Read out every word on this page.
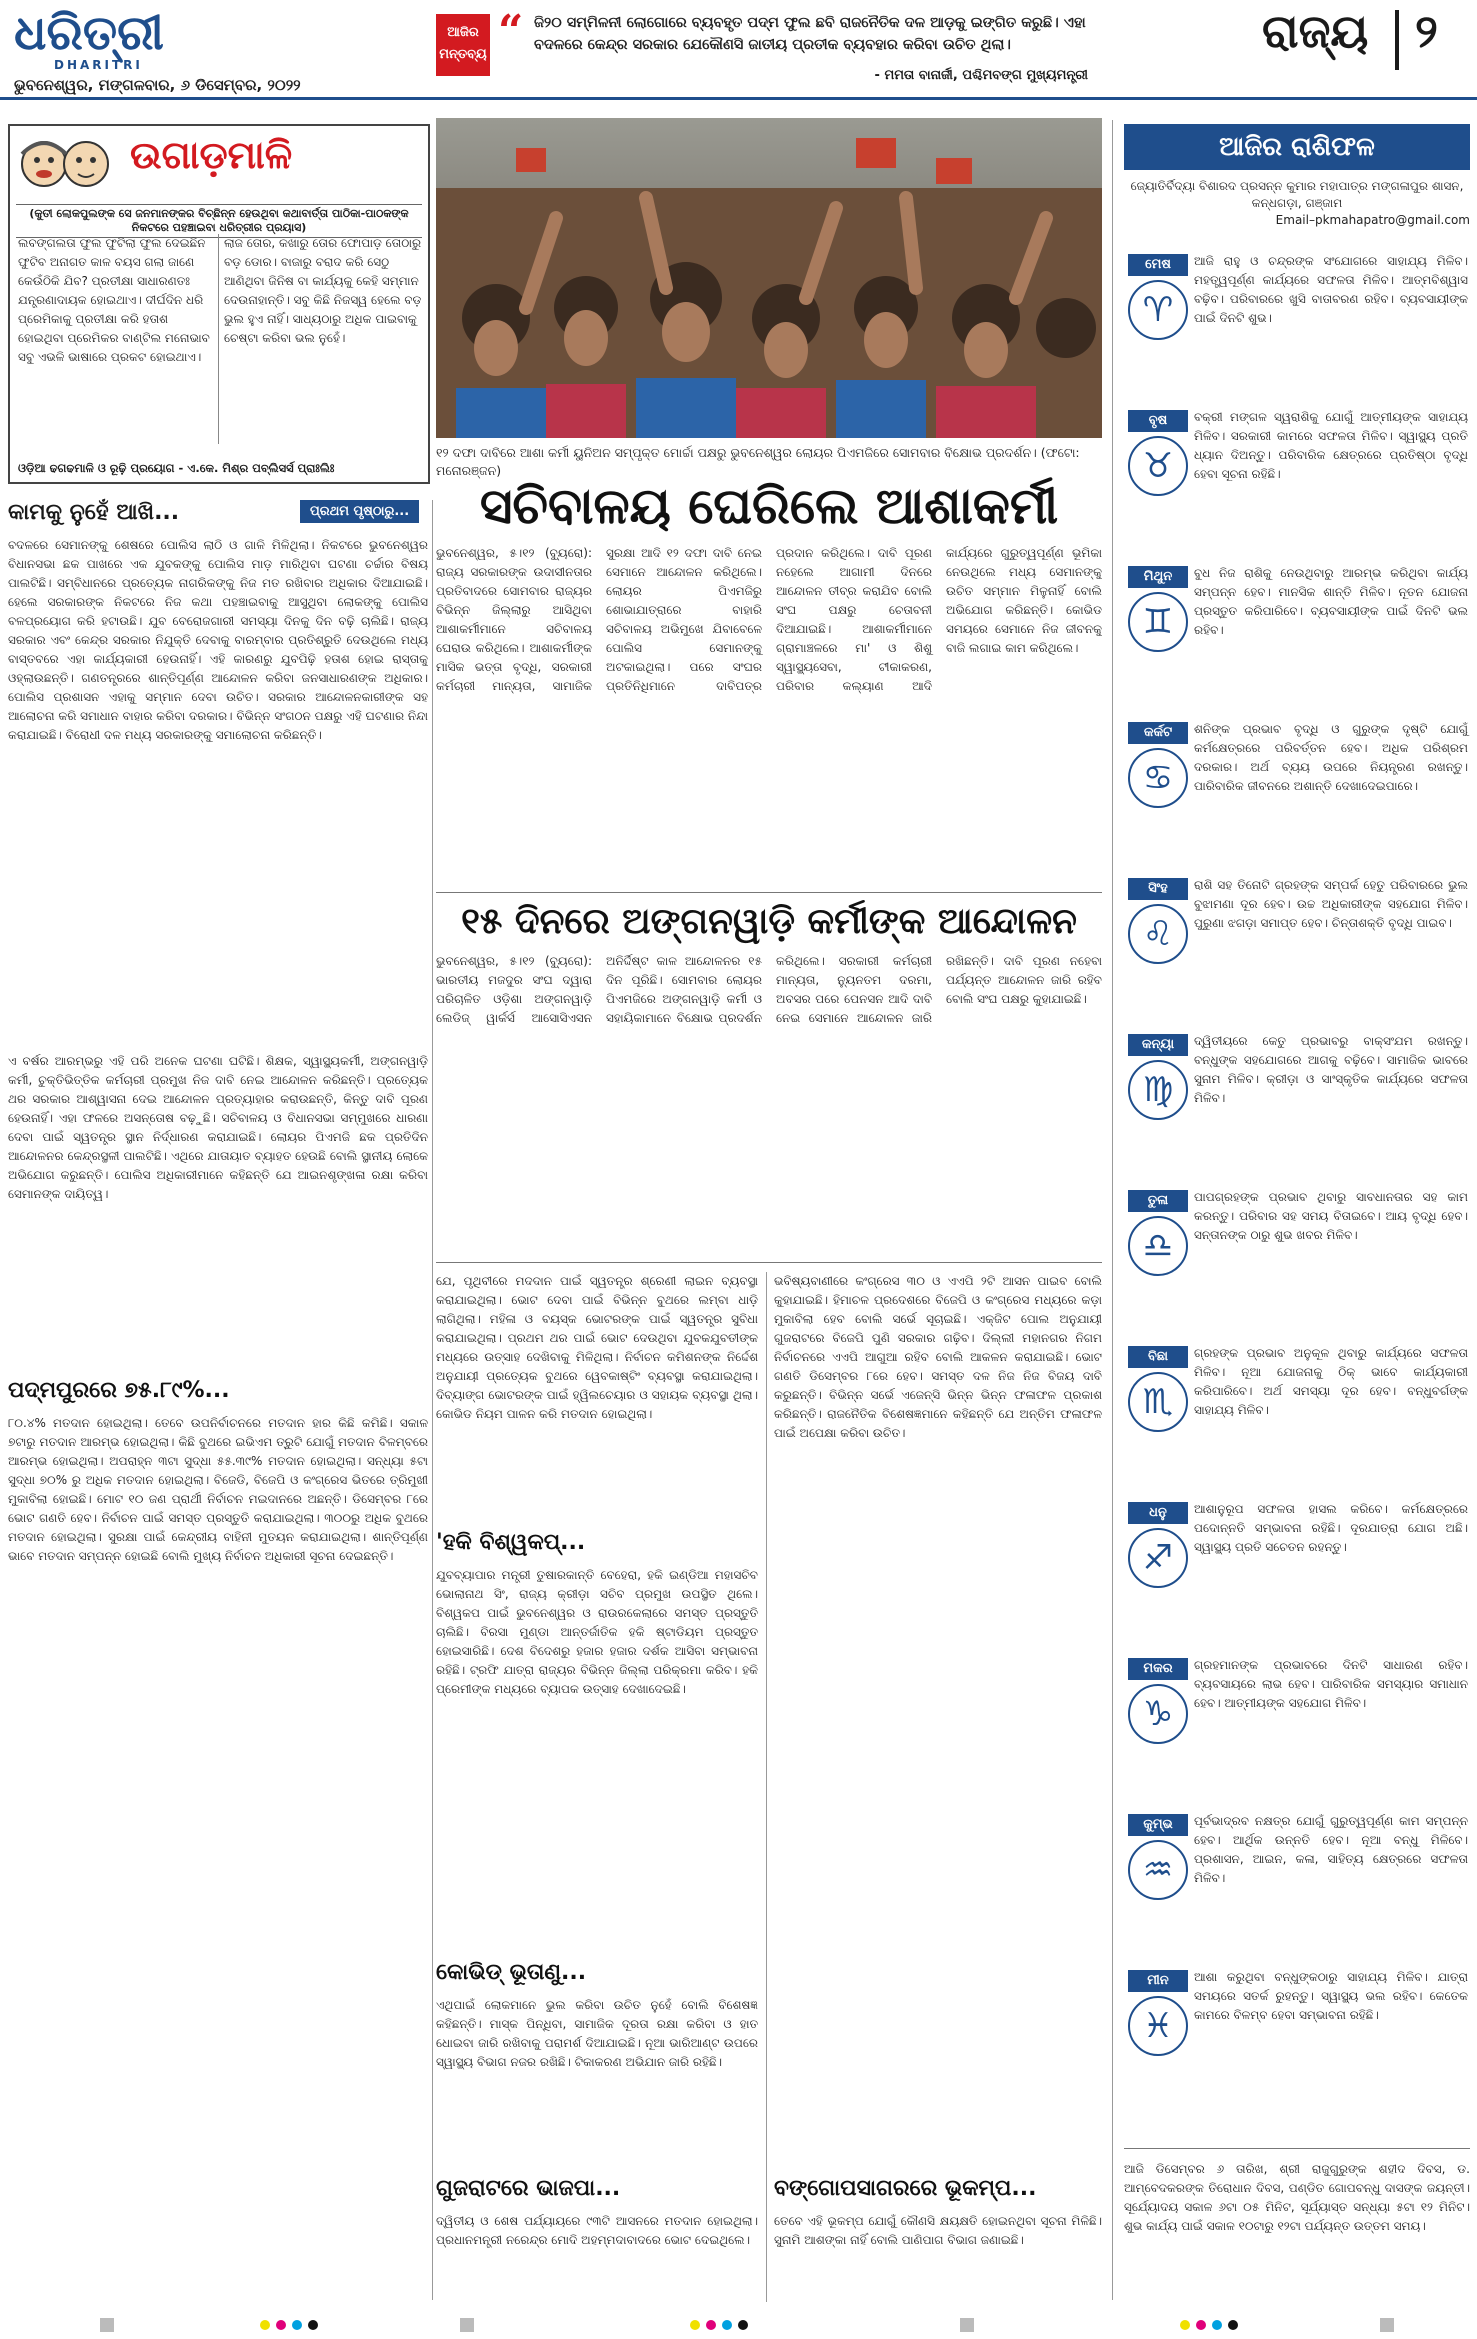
ଧରିତ୍ରୀ
DHARITRI
ଭୁବନେଶ୍ୱର, ମଙ୍ଗଳବାର, ୬ ଡିସେମ୍ବର, ୨୦୨୨
ଆଜିର
ମନ୍ତବ୍ୟ “ ଜି୨୦ ସମ୍ମିଳନୀ ଲୋଗୋରେ ବ୍ୟବହୃତ ପଦ୍ମ ଫୁଲ ଛବି ରାଜନୈତିକ ଦଳ ଆଡ଼କୁ ଇଙ୍ଗିତ କରୁଛି। ଏହା ବଦଳରେ କେନ୍ଦ୍ର ସରକାର ଯେକୌଣସି ଜାତୀୟ ପ୍ରତୀକ ବ୍ୟବହାର କରିବା ଉଚିତ ଥିଲା।
- ମମତା ବାନାର୍ଜୀ, ପଶ୍ଚିମବଙ୍ଗ ମୁଖ୍ୟମନ୍ତ୍ରୀ
ରାଜ୍ୟ ୨
ଉଗାଡ଼ମାଳି
(କୁତୀ ଲୋକପୁଲଙ୍କ ସେ ଜନମାନଙ୍କର ବିଚ୍ଛିନ୍ନ ହେଉଥିବା କଥାବାର୍ତ୍ତା ପାଠିକା-ପାଠକଙ୍କ ନିକଟରେ ପହଞ୍ଚାଇବା ଧରିତ୍ରୀର ପ୍ରୟାସ)
ଲବଙ୍ଗଲତା ଫୁଲ ଫୁଟିଲା ଫୁଲ ଦେଇଛିନ ଫୁଟିବ ଅନାଗତ କାଳ ବୟସ ଗଲା ଜାଣେ କେଉଁଠିକି ଯିବ? ପ୍ରତୀକ୍ଷା ସାଧାରଣତଃ ଯନ୍ତ୍ରଣାଦାୟକ ହୋଇଥାଏ। ଦୀର୍ଘଦିନ ଧରି ପ୍ରେମିକାକୁ ପ୍ରତୀକ୍ଷା କରି ହତାଶ ହୋଇଥିବା ପ୍ରେମିକର ବାଣ୍ଟିଲ ମନୋଭାବ ସବୁ ଏଭଳି ଭାଷାରେ ପ୍ରକଟ ହୋଇଥାଏ।
ଲାଜ ତୋର, କଖାରୁ ତୋର ଫୋପାଡ଼ ତୋଠାରୁ ବଡ଼ ଡୋର। ବାଜାରୁ ବରାଦ କରି ସେଠୁ ଆଣିଥିବା ଜିନିଷ ବା କାର୍ଯ୍ୟକୁ କେହି ସମ୍ମାନ ଦେଉନାହାନ୍ତି। ସବୁ କିଛି ନିଜସ୍ୱ ହେଲେ ବଡ଼ ଭୁଲ ହୁଏ ନାହିଁ। ସାଧ୍ୟଠାରୁ ଅଧିକ ପାଇବାକୁ ଚେଷ୍ଟା କରିବା ଭଲ ନୁହେଁ।
ଓଡ଼ିଆ ଢଗଢମାଳି ଓ ରୂଢ଼ି ପ୍ରୟୋଗ - ଏ.କେ. ମିଶ୍ର ପବ୍ଲିସର୍ସ ପ୍ରାଃଲିଃ
୧୨ ଦଫା ଦାବିରେ ଆଶା କର୍ମୀ ୟୁନିଅନ ସମ୍ପୃକ୍ତ ମୋର୍ଚ୍ଚା ପକ୍ଷରୁ ଭୁବନେଶ୍ୱର ଲୋୟର ପିଏମଜିରେ ସୋମବାର ବିକ୍ଷୋଭ ପ୍ରଦର୍ଶନ। (ଫଟୋ: ମନୋରଞ୍ଜନ)
ସଚିବାଳୟ ଘେରିଲେ ଆଶାକର୍ମୀ
ଭୁବନେଶ୍ୱର, ୫।୧୨ (ବ୍ୟୁରୋ): ରାଜ୍ୟ ସରକାରଙ୍କ ଉଦାସୀନତାର ପ୍ରତିବାଦରେ ସୋମବାର ରାଜ୍ୟର ବିଭିନ୍ନ ଜିଲ୍ଲାରୁ ଆସିଥିବା ଆଶାକର୍ମୀମାନେ ସଚିବାଳୟ ଘେରାଉ କରିଥିଲେ। ଆଶାକର୍ମୀଙ୍କ ମାସିକ ଭତ୍ତା ବୃଦ୍ଧି, ସରକାରୀ କର୍ମଚାରୀ ମାନ୍ୟତା, ସାମାଜିକ ସୁରକ୍ଷା ଆଦି ୧୨ ଦଫା ଦାବି ନେଇ ସେମାନେ ଆନ୍ଦୋଳନ କରିଥିଲେ। ଲୋୟର ପିଏମଜିରୁ ଶୋଭାଯାତ୍ରାରେ ବାହାରି ସଚିବାଳୟ ଅଭିମୁଖେ ଯିବାବେଳେ ପୋଲିସ ସେମାନଙ୍କୁ ଅଟକାଇଥିଲା। ପରେ ସଂଘର ପ୍ରତିନିଧିମାନେ ଦାବିପତ୍ର ପ୍ରଦାନ କରିଥିଲେ। ଦାବି ପୂରଣ ନହେଲେ ଆଗାମୀ ଦିନରେ ଆନ୍ଦୋଳନ ତୀବ୍ର କରାଯିବ ବୋଲି ସଂଘ ପକ୍ଷରୁ ଚେତାବନୀ ଦିଆଯାଇଛି। ଆଶାକର୍ମୀମାନେ ଗ୍ରାମାଞ୍ଚଳରେ ମା' ଓ ଶିଶୁ ସ୍ୱାସ୍ଥ୍ୟସେବା, ଟୀକାକରଣ, ପରିବାର କଲ୍ୟାଣ ଆଦି କାର୍ଯ୍ୟରେ ଗୁରୁତ୍ୱପୂର୍ଣ୍ଣ ଭୂମିକା ନେଉଥିଲେ ମଧ୍ୟ ସେମାନଙ୍କୁ ଉଚିତ ସମ୍ମାନ ମିଳୁନାହିଁ ବୋଲି ଅଭିଯୋଗ କରିଛନ୍ତି। କୋଭିଡ ସମୟରେ ସେମାନେ ନିଜ ଜୀବନକୁ ବାଜି ଲଗାଇ କାମ କରିଥିଲେ।
୧୫ ଦିନରେ ଅଙ୍ଗନୱାଡ଼ି କର୍ମୀଙ୍କ ଆନ୍ଦୋଳନ
ଭୁବନେଶ୍ୱର, ୫।୧୨ (ବ୍ୟୁରୋ): ଭାରତୀୟ ମଜଦୁର ସଂଘ ଦ୍ୱାରା ପରିଚାଳିତ ଓଡ଼ିଶା ଅଙ୍ଗନୱାଡ଼ି ଲେଡିଜ୍ ୱାର୍କର୍ସ ଆସୋସିଏସନ ଅନିର୍ଦ୍ଦିଷ୍ଟ କାଳ ଆନ୍ଦୋଳନର ୧୫ ଦିନ ପୂରିଛି। ସୋମବାର ଲୋୟର ପିଏମଜିରେ ଅଙ୍ଗନୱାଡ଼ି କର୍ମୀ ଓ ସହାୟିକାମାନେ ବିକ୍ଷୋଭ ପ୍ରଦର୍ଶନ କରିଥିଲେ। ସରକାରୀ କର୍ମଚାରୀ ମାନ୍ୟତା, ନ୍ୟୁନତମ ଦରମା, ଅବସର ପରେ ପେନସନ ଆଦି ଦାବି ନେଇ ସେମାନେ ଆନ୍ଦୋଳନ ଜାରି ରଖିଛନ୍ତି। ଦାବି ପୂରଣ ନହେବା ପର୍ଯ୍ୟନ୍ତ ଆନ୍ଦୋଳନ ଜାରି ରହିବ ବୋଲି ସଂଘ ପକ୍ଷରୁ କୁହାଯାଇଛି।
କାମକୁ ନୁହେଁ ଆଖି...	ପ୍ରଥମ ପୃଷ୍ଠାରୁ...
ବଦଳରେ ସେମାନଙ୍କୁ ଶେଷରେ ପୋଲିସ ଲାଠି ଓ ଗାଳି ମିଳିଥିଲା। ନିକଟରେ ଭୁବନେଶ୍ୱର ବିଧାନସଭା ଛକ ପାଖରେ ଏକ ଯୁବକଙ୍କୁ ପୋଲିସ ମାଡ଼ ମାରିଥିବା ଘଟଣା ଚର୍ଚ୍ଚାର ବିଷୟ ପାଲଟିଛି। ସମ୍ବିଧାନରେ ପ୍ରତ୍ୟେକ ନାଗରିକଙ୍କୁ ନିଜ ମତ ରଖିବାର ଅଧିକାର ଦିଆଯାଇଛି। ହେଲେ ସରକାରଙ୍କ ନିକଟରେ ନିଜ କଥା ପହଞ୍ଚାଇବାକୁ ଆସୁଥିବା ଲୋକଙ୍କୁ ପୋଲିସ ବଳପ୍ରୟୋଗ କରି ହଟାଉଛି। ଯୁବ ବେରୋଜଗାରୀ ସମସ୍ୟା ଦିନକୁ ଦିନ ବଢ଼ି ଚାଲିଛି। ରାଜ୍ୟ ସରକାର ଏବଂ କେନ୍ଦ୍ର ସରକାର ନିଯୁକ୍ତି ଦେବାକୁ ବାରମ୍ବାର ପ୍ରତିଶ୍ରୁତି ଦେଉଥିଲେ ମଧ୍ୟ ବାସ୍ତବରେ ଏହା କାର୍ଯ୍ୟକାରୀ ହେଉନାହିଁ। ଏହି କାରଣରୁ ଯୁବପିଢ଼ି ହତାଶ ହୋଇ ରାସ୍ତାକୁ ଓହ୍ଲାଉଛନ୍ତି। ଗଣତନ୍ତ୍ରରେ ଶାନ୍ତିପୂର୍ଣ୍ଣ ଆନ୍ଦୋଳନ କରିବା ଜନସାଧାରଣଙ୍କ ଅଧିକାର। ପୋଲିସ ପ୍ରଶାସନ ଏହାକୁ ସମ୍ମାନ ଦେବା ଉଚିତ। ସରକାର ଆନ୍ଦୋଳନକାରୀଙ୍କ ସହ ଆଲୋଚନା କରି ସମାଧାନ ବାହାର କରିବା ଦରକାର। ବିଭିନ୍ନ ସଂଗଠନ ପକ୍ଷରୁ ଏହି ଘଟଣାର ନିନ୍ଦା କରାଯାଇଛି। ବିରୋଧୀ ଦଳ ମଧ୍ୟ ସରକାରଙ୍କୁ ସମାଲୋଚନା କରିଛନ୍ତି।
ଏ ବର୍ଷର ଆରମ୍ଭରୁ ଏହି ପରି ଅନେକ ଘଟଣା ଘଟିଛି। ଶିକ୍ଷକ, ସ୍ୱାସ୍ଥ୍ୟକର୍ମୀ, ଅଙ୍ଗନୱାଡ଼ି କର୍ମୀ, ଚୁକ୍ତିଭିତ୍ତିକ କର୍ମଚାରୀ ପ୍ରମୁଖ ନିଜ ଦାବି ନେଇ ଆନ୍ଦୋଳନ କରିଛନ୍ତି। ପ୍ରତ୍ୟେକ ଥର ସରକାର ଆଶ୍ୱାସନା ଦେଇ ଆନ୍ଦୋଳନ ପ୍ରତ୍ୟାହାର କରାଉଛନ୍ତି, କିନ୍ତୁ ଦାବି ପୂରଣ ହେଉନାହିଁ। ଏହା ଫଳରେ ଅସନ୍ତୋଷ ବଢ଼ୁଛି। ସଚିବାଳୟ ଓ ବିଧାନସଭା ସମ୍ମୁଖରେ ଧାରଣା ଦେବା ପାଇଁ ସ୍ୱତନ୍ତ୍ର ସ୍ଥାନ ନିର୍ଦ୍ଧାରଣ କରାଯାଇଛି। ଲୋୟର ପିଏମଜି ଛକ ପ୍ରତିଦିନ ଆନ୍ଦୋଳନର କେନ୍ଦ୍ରସ୍ଥଳୀ ପାଲଟିଛି। ଏଥିରେ ଯାତାୟାତ ବ୍ୟାହତ ହେଉଛି ବୋଲି ସ୍ଥାନୀୟ ଲୋକେ ଅଭିଯୋଗ କରୁଛନ୍ତି। ପୋଲିସ ଅଧିକାରୀମାନେ କହିଛନ୍ତି ଯେ ଆଇନଶୃଙ୍ଖଳା ରକ୍ଷା କରିବା ସେମାନଙ୍କ ଦାୟିତ୍ୱ।
ପଦ୍ମପୁରରେ ୭୫.୮୯%...
୮୦.୪% ମତଦାନ ହୋଇଥିଲା। ତେବେ ଉପନିର୍ବାଚନରେ ମତଦାନ ହାର କିଛି କମିଛି। ସକାଳ ୭ଟାରୁ ମତଦାନ ଆରମ୍ଭ ହୋଇଥିଲା। କିଛି ବୁଥରେ ଇଭିଏମ ତ୍ରୁଟି ଯୋଗୁଁ ମତଦାନ ବିଳମ୍ବରେ ଆରମ୍ଭ ହୋଇଥିଲା। ଅପରାହ୍ନ ୩ଟା ସୁଦ୍ଧା ୫୫.୩୯% ମତଦାନ ହୋଇଥିଲା। ସନ୍ଧ୍ୟା ୫ଟା ସୁଦ୍ଧା ୭୦% ରୁ ଅଧିକ ମତଦାନ ହୋଇଥିଲା। ବିଜେଡି, ବିଜେପି ଓ କଂଗ୍ରେସ ଭିତରେ ତ୍ରିମୁଖୀ ମୁକାବିଲା ହୋଇଛି। ମୋଟ ୧୦ ଜଣ ପ୍ରାର୍ଥୀ ନିର୍ବାଚନ ମଇଦାନରେ ଅଛନ୍ତି। ଡିସେମ୍ବର ୮ରେ ଭୋଟ ଗଣତି ହେବ। ନିର୍ବାଚନ ପାଇଁ ସମସ୍ତ ପ୍ରସ୍ତୁତି କରାଯାଇଥିଲା। ୩୦୦ରୁ ଅଧିକ ବୁଥରେ ମତଦାନ ହୋଇଥିଲା। ସୁରକ୍ଷା ପାଇଁ କେନ୍ଦ୍ରୀୟ ବାହିନୀ ମୁତୟନ କରାଯାଇଥିଲା। ଶାନ୍ତିପୂର୍ଣ୍ଣ ଭାବେ ମତଦାନ ସମ୍ପନ୍ନ ହୋଇଛି ବୋଲି ମୁଖ୍ୟ ନିର୍ବାଚନ ଅଧିକାରୀ ସୂଚନା ଦେଇଛନ୍ତି।
ଯେ, ପୃଥିବୀରେ ମଦଦାନ ପାଇଁ ସ୍ୱତନ୍ତ୍ର ଶ୍ରେଣୀ ଲାଇନ ବ୍ୟବସ୍ଥା କରାଯାଇଥିଲା। ଭୋଟ ଦେବା ପାଇଁ ବିଭିନ୍ନ ବୁଥରେ ଲମ୍ବା ଧାଡ଼ି ଲାଗିଥିଲା। ମହିଳା ଓ ବୟସ୍କ ଭୋଟରଙ୍କ ପାଇଁ ସ୍ୱତନ୍ତ୍ର ସୁବିଧା କରାଯାଇଥିଲା। ପ୍ରଥମ ଥର ପାଇଁ ଭୋଟ ଦେଉଥିବା ଯୁବକଯୁବତୀଙ୍କ ମଧ୍ୟରେ ଉତ୍ସାହ ଦେଖିବାକୁ ମିଳିଥିଲା। ନିର୍ବାଚନ କମିଶନଙ୍କ ନିର୍ଦ୍ଦେଶ ଅନୁଯାୟୀ ପ୍ରତ୍ୟେକ ବୁଥରେ ୱେବକାଷ୍ଟିଂ ବ୍ୟବସ୍ଥା କରାଯାଇଥିଲା। ଦିବ୍ୟାଙ୍ଗ ଭୋଟରଙ୍କ ପାଇଁ ହ୍ୱିଲଚେୟାର ଓ ସହାୟକ ବ୍ୟବସ୍ଥା ଥିଲା। କୋଭିଡ ନିୟମ ପାଳନ କରି ମତଦାନ ହୋଇଥିଲା।
'ହକି ବିଶ୍ୱକପ୍...
ଯୁବବ୍ୟାପାର ମନ୍ତ୍ରୀ ତୁଷାରକାନ୍ତି ବେହେରା, ହକି ଇଣ୍ଡିଆ ମହାସଚିବ ଭୋଲାନାଥ ସିଂ, ରାଜ୍ୟ କ୍ରୀଡ଼ା ସଚିବ ପ୍ରମୁଖ ଉପସ୍ଥିତ ଥିଲେ। ବିଶ୍ୱକପ ପାଇଁ ଭୁବନେଶ୍ୱର ଓ ରାଉରକେଲାରେ ସମସ୍ତ ପ୍ରସ୍ତୁତି ଚାଲିଛି। ବିରସା ମୁଣ୍ଡା ଆନ୍ତର୍ଜାତିକ ହକି ଷ୍ଟାଡିୟମ ପ୍ରସ୍ତୁତ ହୋଇସାରିଛି। ଦେଶ ବିଦେଶରୁ ହଜାର ହଜାର ଦର୍ଶକ ଆସିବା ସମ୍ଭାବନା ରହିଛି। ଟ୍ରଫି ଯାତ୍ରା ରାଜ୍ୟର ବିଭିନ୍ନ ଜିଲ୍ଲା ପରିକ୍ରମା କରିବ। ହକି ପ୍ରେମୀଙ୍କ ମଧ୍ୟରେ ବ୍ୟାପକ ଉତ୍ସାହ ଦେଖାଦେଇଛି।
କୋଭିଡ୍ ଭୂତାଣୁ...
ଏଥିପାଇଁ ଲୋକମାନେ ଭୁଲ କରିବା ଉଚିତ ନୁହେଁ ବୋଲି ବିଶେଷଜ୍ଞ କହିଛନ୍ତି। ମାସ୍କ ପିନ୍ଧିବା, ସାମାଜିକ ଦୂରତା ରକ୍ଷା କରିବା ଓ ହାତ ଧୋଇବା ଜାରି ରଖିବାକୁ ପରାମର୍ଶ ଦିଆଯାଇଛି। ନୂଆ ଭାରିଆଣ୍ଟ ଉପରେ ସ୍ୱାସ୍ଥ୍ୟ ବିଭାଗ ନଜର ରଖିଛି। ଟିକାକରଣ ଅଭିଯାନ ଜାରି ରହିଛି।
ଗୁଜରାଟରେ ଭାଜପା...
ଦ୍ୱିତୀୟ ଓ ଶେଷ ପର୍ଯ୍ୟାୟରେ ୯୩ଟି ଆସନରେ ମତଦାନ ହୋଇଥିଲା। ପ୍ରଧାନମନ୍ତ୍ରୀ ନରେନ୍ଦ୍ର ମୋଦି ଅହମ୍ମଦାବାଦରେ ଭୋଟ ଦେଇଥିଲେ।
ଭବିଷ୍ୟବାଣୀରେ କଂଗ୍ରେସ ୩୦ ଓ ଏଏପି ୨ଟି ଆସନ ପାଇବ ବୋଲି କୁହାଯାଇଛି। ହିମାଚଳ ପ୍ରଦେଶରେ ବିଜେପି ଓ କଂଗ୍ରେସ ମଧ୍ୟରେ କଡ଼ା ମୁକାବିଲା ହେବ ବୋଲି ସର୍ଭେ ସୂଚାଇଛି। ଏକ୍ଜିଟ ପୋଲ ଅନୁଯାୟୀ ଗୁଜରାଟରେ ବିଜେପି ପୁଣି ସରକାର ଗଢ଼ିବ। ଦିଲ୍ଲୀ ମହାନଗର ନିଗମ ନିର୍ବାଚନରେ ଏଏପି ଆଗୁଆ ରହିବ ବୋଲି ଆକଳନ କରାଯାଇଛି। ଭୋଟ ଗଣତି ଡିସେମ୍ବର ୮ରେ ହେବ। ସମସ୍ତ ଦଳ ନିଜ ନିଜ ବିଜୟ ଦାବି କରୁଛନ୍ତି। ବିଭିନ୍ନ ସର୍ଭେ ଏଜେନ୍ସି ଭିନ୍ନ ଭିନ୍ନ ଫଳାଫଳ ପ୍ରକାଶ କରିଛନ୍ତି। ରାଜନୈତିକ ବିଶେଷଜ୍ଞମାନେ କହିଛନ୍ତି ଯେ ଅନ୍ତିମ ଫଳାଫଳ ପାଇଁ ଅପେକ୍ଷା କରିବା ଉଚିତ।
ବଙ୍ଗୋପସାଗରରେ ଭୂକମ୍ପ...
ତେବେ ଏହି ଭୂକମ୍ପ ଯୋଗୁଁ କୌଣସି କ୍ଷୟକ୍ଷତି ହୋଇନଥିବା ସୂଚନା ମିଳିଛି। ସୁନାମି ଆଶଙ୍କା ନାହିଁ ବୋଲି ପାଣିପାଗ ବିଭାଗ ଜଣାଇଛି।
ଆଜିର ରାଶିଫଳ
ଜ୍ୟୋତିର୍ବିଦ୍ୟା ବିଶାରଦ ପ୍ରସନ୍ନ କୁମାର ମହାପାତ୍ର ମଙ୍ଗଳାପୁର ଶାସନ, କନ୍ଧଗଡ଼ା, ଗଞ୍ଜାମ
Email–pkmahapatro@gmail.com
ମେଷ
♈
ଆଜି ରାହୁ ଓ ଚନ୍ଦ୍ରଙ୍କ ସଂଯୋଗରେ ସାହାଯ୍ୟ ମିଳିବ। ମହତ୍ତ୍ୱପୂର୍ଣ୍ଣ କାର୍ଯ୍ୟରେ ସଫଳତା ମିଳିବ। ଆତ୍ମବିଶ୍ୱାସ ବଢ଼ିବ। ପରିବାରରେ ଖୁସି ବାତାବରଣ ରହିବ। ବ୍ୟବସାୟୀଙ୍କ ପାଇଁ ଦିନଟି ଶୁଭ।
ବୃଷ
♉
ବକ୍ରୀ ମଙ୍ଗଳ ସ୍ୱରାଶିକୁ ଯୋଗୁଁ ଆତ୍ମୀୟଙ୍କ ସାହାଯ୍ୟ ମିଳିବ। ସରକାରୀ କାମରେ ସଫଳତା ମିଳିବ। ସ୍ୱାସ୍ଥ୍ୟ ପ୍ରତି ଧ୍ୟାନ ଦିଅନ୍ତୁ। ପରିବାରିକ କ୍ଷେତ୍ରରେ ପ୍ରତିଷ୍ଠା ବୃଦ୍ଧି ହେବା ସୂଚନା ରହିଛି।
ମିଥୁନ
♊
ବୁଧ ନିଜ ରାଶିକୁ ନେଉଥିବାରୁ ଆରମ୍ଭ କରିଥିବା କାର୍ଯ୍ୟ ସମ୍ପନ୍ନ ହେବ। ମାନସିକ ଶାନ୍ତି ମିଳିବ। ନୂତନ ଯୋଜନା ପ୍ରସ୍ତୁତ କରିପାରିବେ। ବ୍ୟବସାୟୀଙ୍କ ପାଇଁ ଦିନଟି ଭଲ ରହିବ।
କର୍କଟ
♋
ଶନିଙ୍କ ପ୍ରଭାବ ବୃଦ୍ଧି ଓ ଗୁରୁଙ୍କ ଦୃଷ୍ଟି ଯୋଗୁଁ କର୍ମକ୍ଷେତ୍ରରେ ପରିବର୍ତ୍ତନ ହେବ। ଅଧିକ ପରିଶ୍ରମ ଦରକାର। ଅର୍ଥ ବ୍ୟୟ ଉପରେ ନିୟନ୍ତ୍ରଣ ରଖନ୍ତୁ। ପାରିବାରିକ ଜୀବନରେ ଅଶାନ୍ତି ଦେଖାଦେଇପାରେ।
ସିଂହ
♌
ରାଶି ସହ ତିନୋଟି ଗ୍ରହଙ୍କ ସମ୍ପର୍କ ହେତୁ ପରିବାରରେ ଭୁଲ ବୁଝାମଣା ଦୂର ହେବ। ଉଚ୍ଚ ଅଧିକାରୀଙ୍କ ସହଯୋଗ ମିଳିବ। ପୁରୁଣା ଝଗଡ଼ା ସମାପ୍ତ ହେବ। ଚିନ୍ତାଶକ୍ତି ବୃଦ୍ଧି ପାଇବ।
କନ୍ୟା
♍
ଦ୍ୱିତୀୟରେ କେତୁ ପ୍ରଭାବରୁ ବାକ୍ସଂଯମ ରଖନ୍ତୁ। ବନ୍ଧୁଙ୍କ ସହଯୋଗରେ ଆଗକୁ ବଢ଼ିବେ। ସାମାଜିକ ଭାବରେ ସୁନାମ ମିଳିବ। କ୍ରୀଡ଼ା ଓ ସାଂସ୍କୃତିକ କାର୍ଯ୍ୟରେ ସଫଳତା ମିଳିବ।
ତୁଳା
♎
ପାପଗ୍ରହଙ୍କ ପ୍ରଭାବ ଥିବାରୁ ସାବଧାନତାର ସହ କାମ କରନ୍ତୁ। ପରିବାର ସହ ସମୟ ବିତାଇବେ। ଆୟ ବୃଦ୍ଧି ହେବ। ସନ୍ତାନଙ୍କ ଠାରୁ ଶୁଭ ଖବର ମିଳିବ।
ବିଛା
♏
ଗ୍ରହଙ୍କ ପ୍ରଭାବ ଅନୁକୂଳ ଥିବାରୁ କାର୍ଯ୍ୟରେ ସଫଳତା ମିଳିବ। ନୂଆ ଯୋଜନାକୁ ଠିକ୍ ଭାବେ କାର୍ଯ୍ୟକାରୀ କରିପାରିବେ। ଅର୍ଥ ସମସ୍ୟା ଦୂର ହେବ। ବନ୍ଧୁବର୍ଗଙ୍କ ସାହାଯ୍ୟ ମିଳିବ।
ଧନୁ
♐
ଆଶାନୁରୂପ ସଫଳତା ହାସଲ କରିବେ। କର୍ମକ୍ଷେତ୍ରରେ ପଦୋନ୍ନତି ସମ୍ଭାବନା ରହିଛି। ଦୂରଯାତ୍ରା ଯୋଗ ଅଛି। ସ୍ୱାସ୍ଥ୍ୟ ପ୍ରତି ସଚେତନ ରହନ୍ତୁ।
ମକର
♑
ଗ୍ରହମାନଙ୍କ ପ୍ରଭାବରେ ଦିନଟି ସାଧାରଣ ରହିବ। ବ୍ୟବସାୟରେ ଲାଭ ହେବ। ପାରିବାରିକ ସମସ୍ୟାର ସମାଧାନ ହେବ। ଆତ୍ମୀୟଙ୍କ ସହଯୋଗ ମିଳିବ।
କୁମ୍ଭ
♒
ପୂର୍ବଭାଦ୍ରବ ନକ୍ଷତ୍ର ଯୋଗୁଁ ଗୁରୁତ୍ୱପୂର୍ଣ୍ଣ କାମ ସମ୍ପନ୍ନ ହେବ। ଆର୍ଥିକ ଉନ୍ନତି ହେବ। ନୂଆ ବନ୍ଧୁ ମିଳିବେ। ପ୍ରଶାସନ, ଆଇନ, କଳା, ସାହିତ୍ୟ କ୍ଷେତ୍ରରେ ସଫଳତା ମିଳିବ।
ମୀନ
♓
ଆଶା କରୁଥିବା ବନ୍ଧୁଙ୍କଠାରୁ ସାହାଯ୍ୟ ମିଳିବ। ଯାତ୍ରା ସମୟରେ ସତର୍କ ରୁହନ୍ତୁ। ସ୍ୱାସ୍ଥ୍ୟ ଭଲ ରହିବ। କେତେକ କାମରେ ବିଳମ୍ବ ହେବା ସମ୍ଭାବନା ରହିଛି।
ଆଜି ଡିସେମ୍ବର ୬ ତାରିଖ, ଶ୍ରୀ ରାଜୁଗୁରୁଙ୍କ ଶହୀଦ ଦିବସ, ଡ. ଆମ୍ବେଦକରଙ୍କ ତିରୋଧାନ ଦିବସ, ପଣ୍ଡିତ ଗୋପବନ୍ଧୁ ଦାସଙ୍କ ଜୟନ୍ତୀ। ସୂର୍ଯ୍ୟୋଦୟ ସକାଳ ୬ଟା ୦୫ ମିନିଟ, ସୂର୍ଯ୍ୟାସ୍ତ ସନ୍ଧ୍ୟା ୫ଟା ୧୨ ମିନିଟ। ଶୁଭ କାର୍ଯ୍ୟ ପାଇଁ ସକାଳ ୧୦ଟାରୁ ୧୨ଟା ପର୍ଯ୍ୟନ୍ତ ଉତ୍ତମ ସମୟ।
